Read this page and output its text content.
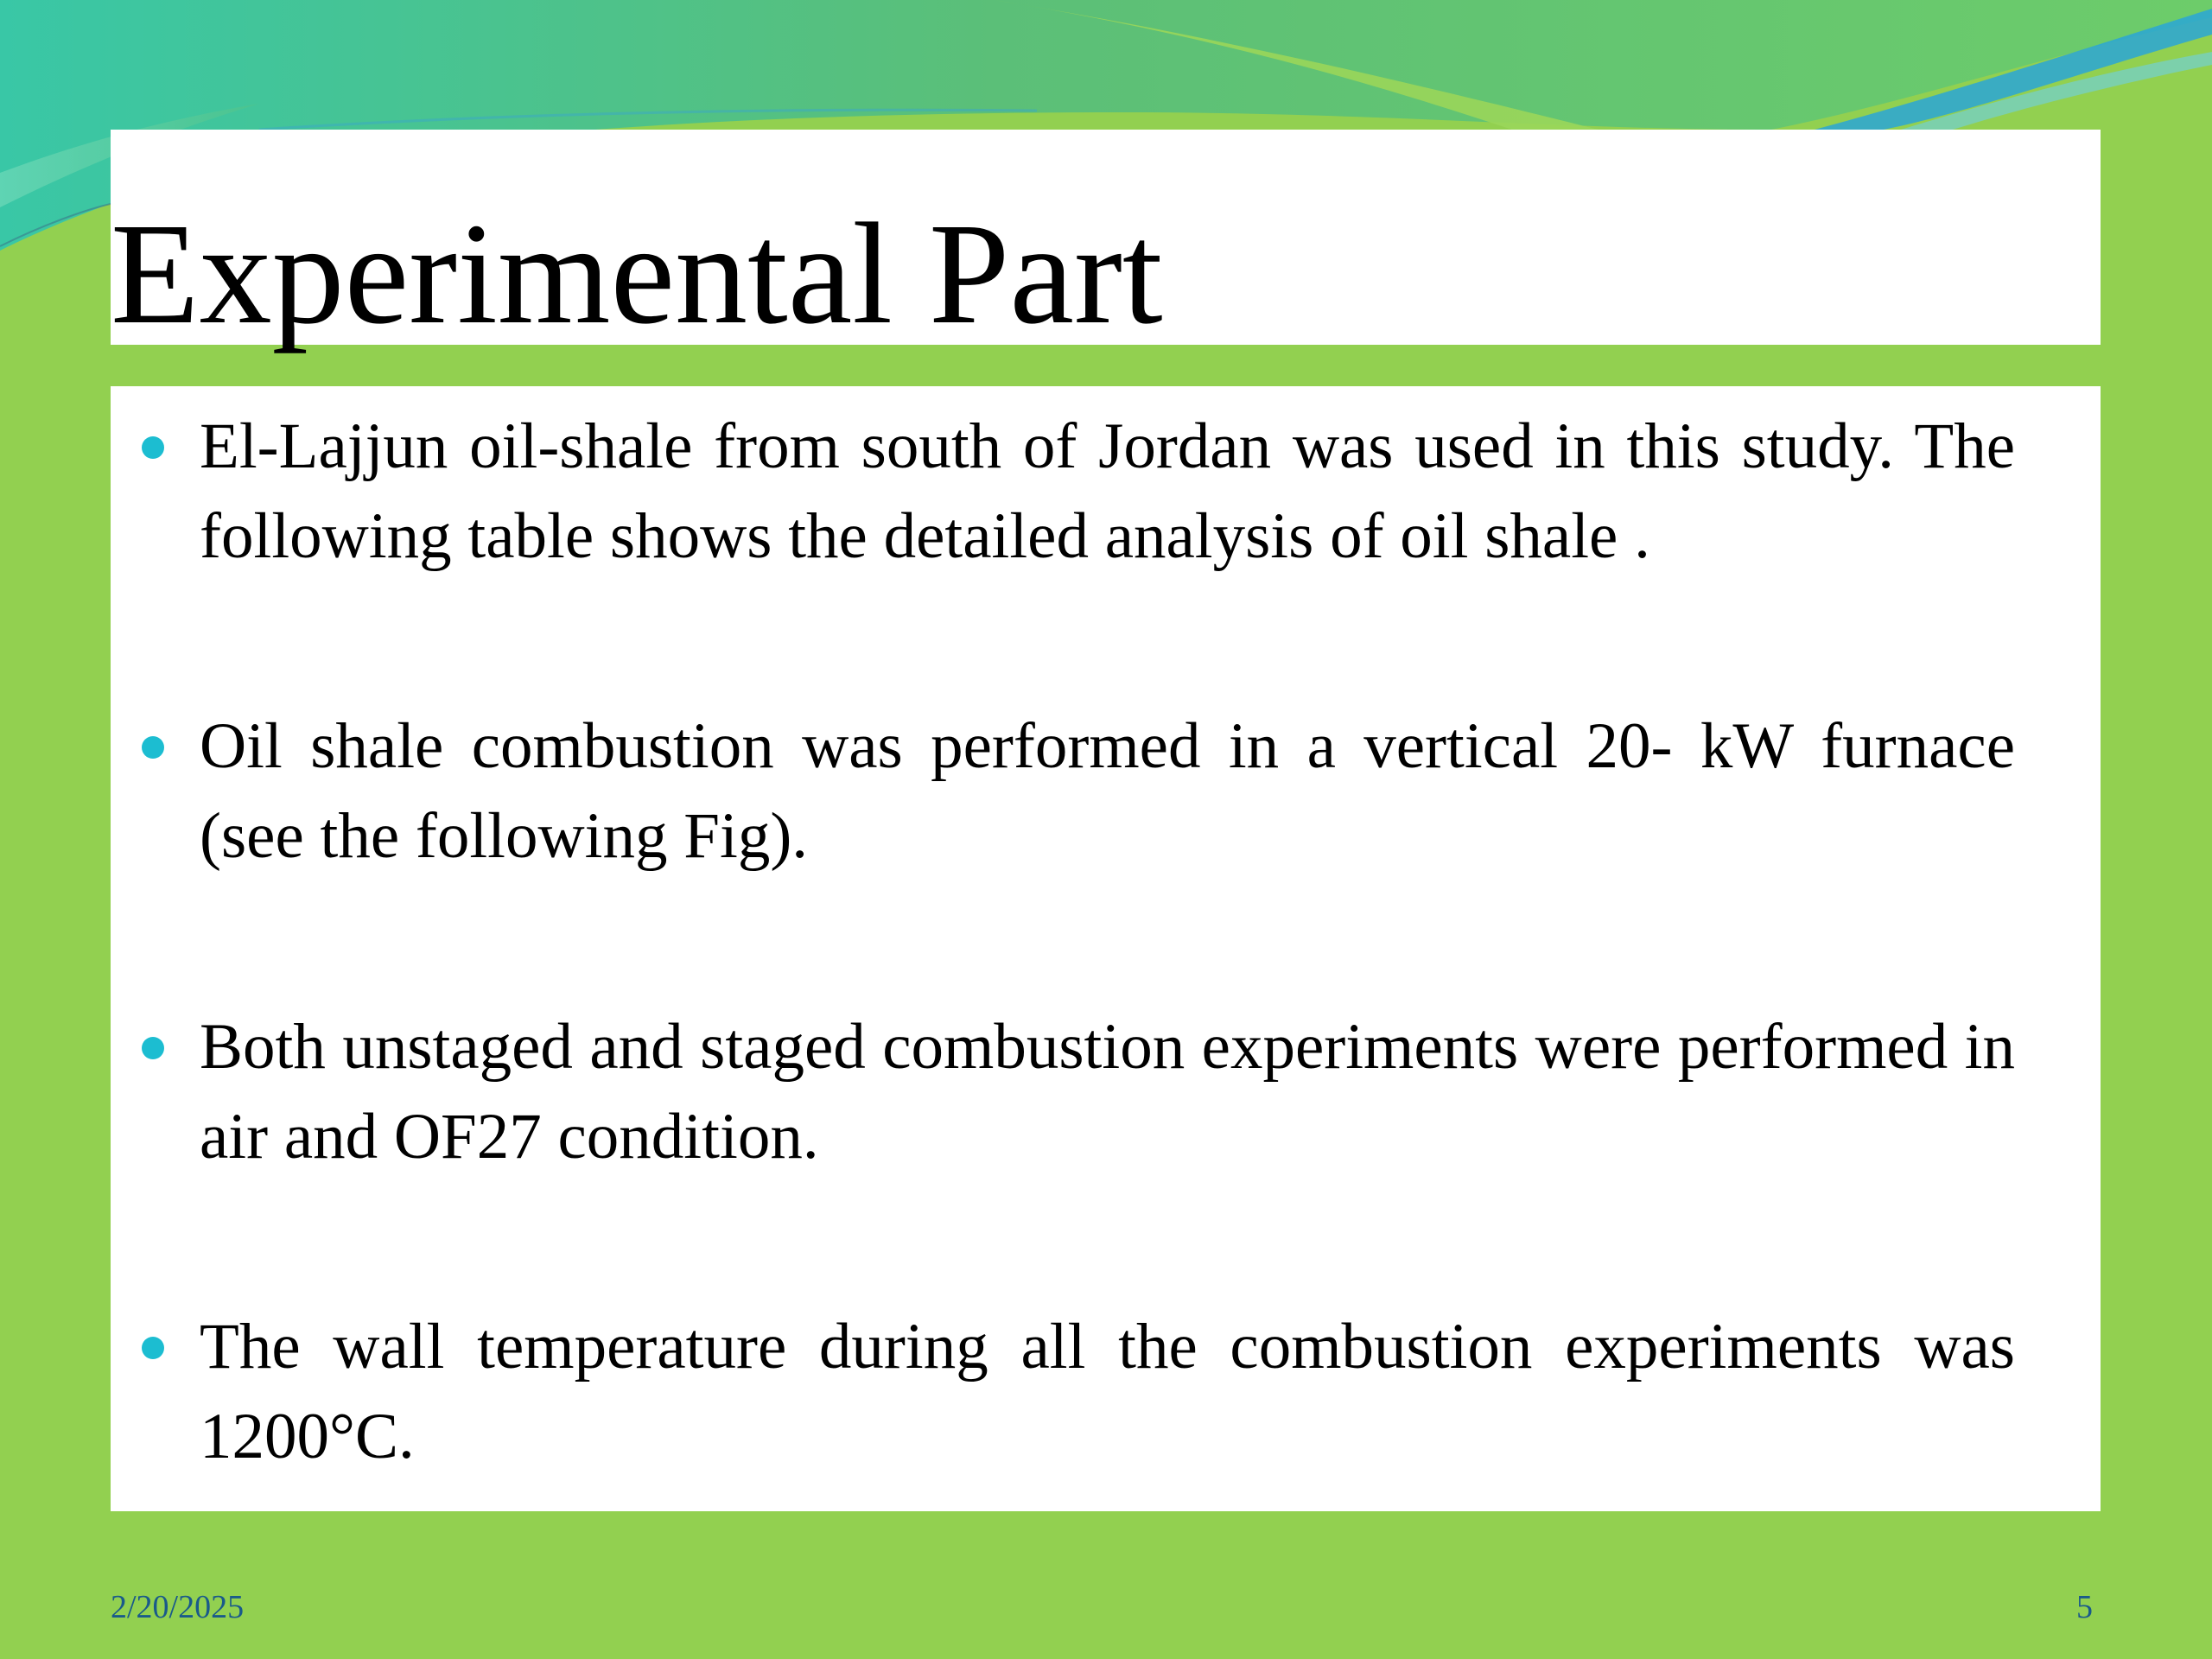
Experimental Part

El-Lajjun oil-shale from south of Jordan was used in this study. The following table shows the detailed analysis of oil shale .

Oil shale combustion was performed in a vertical 20- kW furnace (see the following Fig).

Both unstaged and staged combustion experiments were performed in air and OF27 condition.

The wall temperature during all the combustion experiments was 1200°C.

2/20/2025	5
